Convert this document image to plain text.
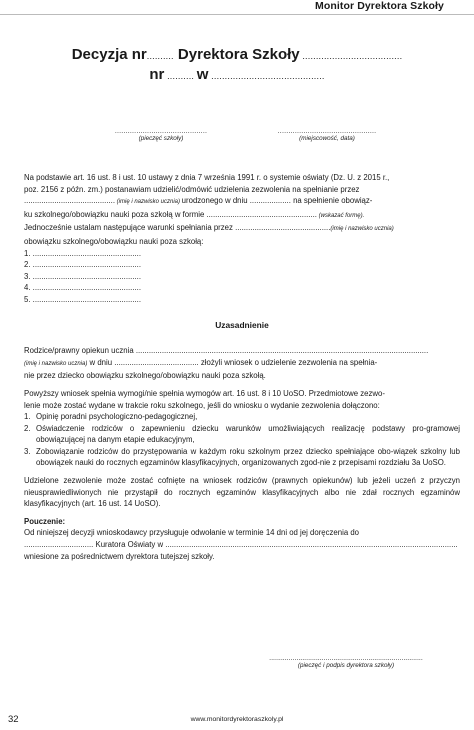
Monitor Dyrektora Szkoły
Decyzja nr.......... Dyrektora Szkoły .....................................
nr .......... w ..........................................
...........................................
(pieczęć szkoły)
..............................................
(miejscowość, data)

Na podstawie art. 16 ust. 8 i ust. 10 ustawy z dnia 7 września 1991 r. o systemie oświaty (Dz. U. z 2015 r.,

poz. 2156 z późn. zm.) postanawiam udzielić/odmówić udzielenia zezwolenia na spełnianie przez

.......................................... (imię i nazwisko ucznia) urodzonego w dniu ................... na spełnienie obowiąz-

ku szkolnego/obowiązku nauki poza szkołą w formie ................................................... (wskazać formę).

Jednocześnie ustalam następujące warunki spełniania przez ............................................(imię i nazwisko ucznia)

obowiązku szkolnego/obowiązku nauki poza szkołą:

1. ..................................................
2. ..................................................
3. ..................................................
4. ..................................................
5. ..................................................

Uzasadnienie

Rodzice/prawny opiekun ucznia .......................................................................................................................................

(imię i nazwisko ucznia) w dniu ....................................... złożyli wniosek o udzielenie zezwolenia na spełnia-

nie przez dziecko obowiązku szkolnego/obowiązku nauki poza szkołą.

Powyższy wniosek spełnia wymogi/nie spełnia wymogów art. 16 ust. 8 i 10 UoSO. Przedmiotowe zezwo-

lenie może zostać wydane w trakcie roku szkolnego, jeśli do wniosku o wydanie zezwolenia dołączono:

1. Opinię poradni psychologiczno-pedagogicznej,
2. Oświadczenie rodziców o zapewnieniu dziecku warunków umożliwiających realizację podstawy pro-gramowej obowiązującej na danym etapie edukacyjnym,
3. Zobowiązanie rodziców do przystępowania w każdym roku szkolnym przez dziecko spełniające obo-wiązek szkolny lub obowiązek nauki do rocznych egzaminów klasyfikacyjnych, organizowanych zgod-nie z przepisami rozdziału 3a UoSO.

Udzielone zezwolenie może zostać cofnięte na wniosek rodziców (prawnych opiekunów) lub jeżeli uczeń z przyczyn nieusprawiedliwionych nie przystąpił do rocznych egzaminów klasyfikacyjnych albo nie zdał rocznych egzaminów klasyfikacyjnych (art. 16 ust. 14 UoSO).

Pouczenie:

Od niniejszej decyzji wnioskodawcy przysługuje odwołanie w terminie 14 dni od jej doręczenia do

................................ Kuratora Oświaty w .......................................................................................................................................

wniesione za pośrednictwem dyrektora tutejszej szkoły.

...............................................................................
(pieczęć i podpis dyrektora szkoły)
32	www.monitordyrektoraszkoly.pl
